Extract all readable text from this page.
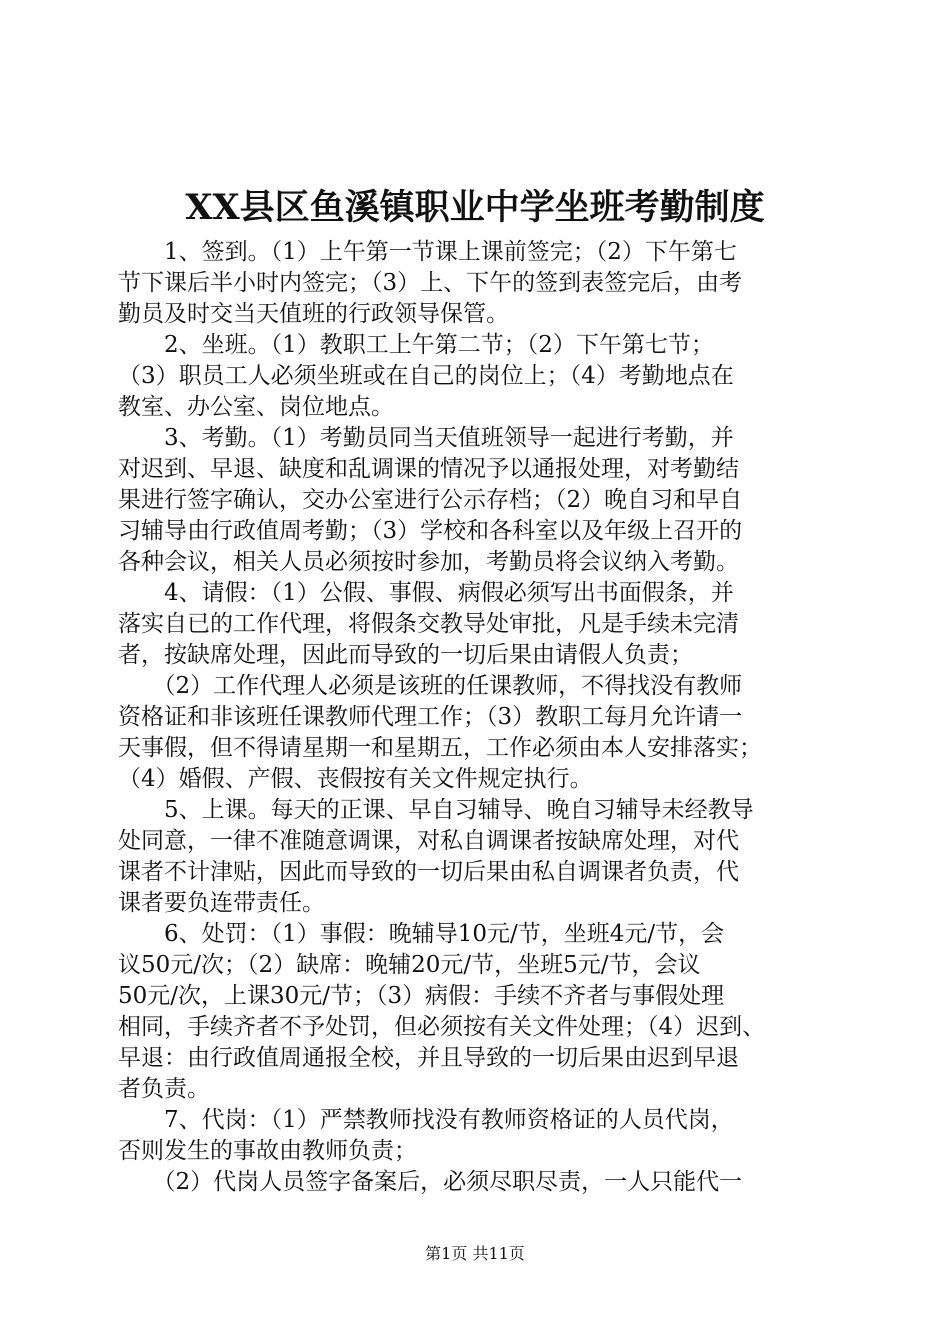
XX县区鱼溪镇职业中学坐班考勤制度
　　1、签到。（1）上午第一节课上课前签完；（2）下午第七
节下课后半小时内签完；（3）上、下午的签到表签完后，由考
勤员及时交当天值班的行政领导保管。
　　2、坐班。（1）教职工上午第二节；（2）下午第七节；
（3）职员工人必须坐班或在自己的岗位上；（4）考勤地点在
教室、办公室、岗位地点。
　　3、考勤。（1）考勤员同当天值班领导一起进行考勤，并
对迟到、早退、缺度和乱调课的情况予以通报处理，对考勤结
果进行签字确认，交办公室进行公示存档；（2）晚自习和早自
习辅导由行政值周考勤；（3）学校和各科室以及年级上召开的
各种会议，相关人员必须按时参加，考勤员将会议纳入考勤。
　　4、请假：（1）公假、事假、病假必须写出书面假条，并
落实自已的工作代理，将假条交教导处审批，凡是手续未完清
者，按缺席处理，因此而导致的一切后果由请假人负责；
　　（2）工作代理人必须是该班的任课教师，不得找没有教师
资格证和非该班任课教师代理工作；（3）教职工每月允许请一
天事假，但不得请星期一和星期五，工作必须由本人安排落实；
（4）婚假、产假、丧假按有关文件规定执行。
　　5、上课。每天的正课、早自习辅导、晚自习辅导未经教导
处同意，一律不准随意调课，对私自调课者按缺席处理，对代
课者不计津贴，因此而导致的一切后果由私自调课者负责，代
课者要负连带责任。
　　6、处罚：（1）事假：晚辅导10元/节，坐班4元/节，会
议50元/次；（2）缺席：晚辅20元/节，坐班5元/节，会议
50元/次，上课30元/节；（3）病假：手续不齐者与事假处理
相同，手续齐者不予处罚，但必须按有关文件处理；（4）迟到、
早退：由行政值周通报全校，并且导致的一切后果由迟到早退
者负责。
　　7、代岗：（1）严禁教师找没有教师资格证的人员代岗，
否则发生的事故由教师负责；
　　（2）代岗人员签字备案后，必须尽职尽责，一人只能代一
第1页 共11页
